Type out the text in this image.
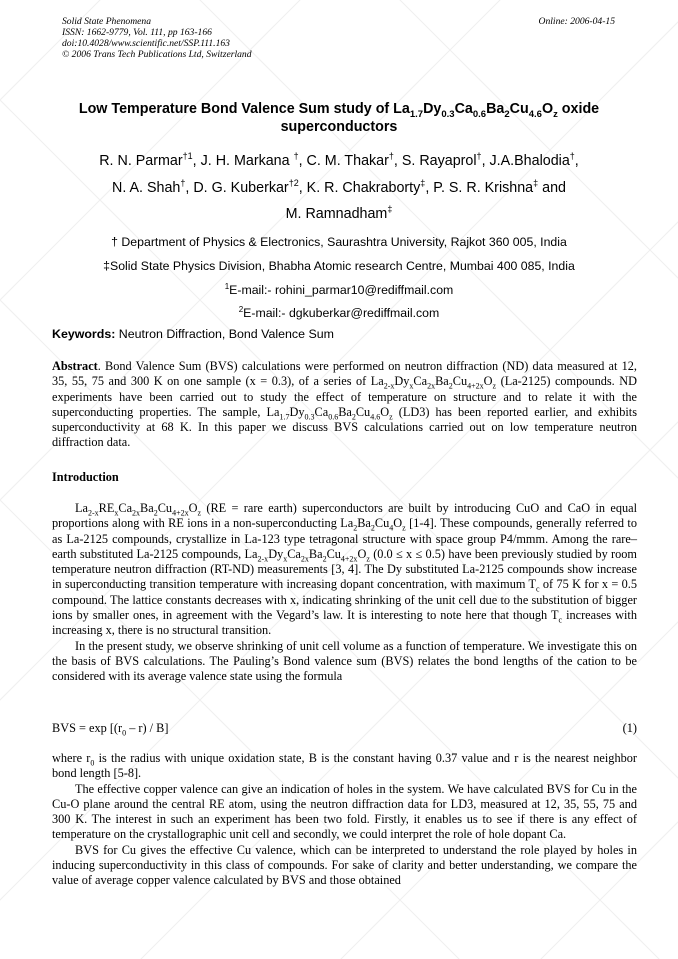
Solid State Phenomena
ISSN: 1662-9779, Vol. 111, pp 163-166
doi:10.4028/www.scientific.net/SSP.111.163
© 2006 Trans Tech Publications Ltd, Switzerland
Online: 2006-04-15
Low Temperature Bond Valence Sum study of $La_{1.7}Dy_{0.3}Ca_{0.6}Ba_2Cu_{4.6}O_z$ oxide superconductors
R. N. Parmar$^{\dagger 1}$, J. H. Markana †, C. M. Thakar†, S. Rayaprol†, J.A.Bhalodia†,
N. A. Shah†, D. G. Kuberkar$^{\dagger 2}$, K. R. Chakraborty‡, P. S. R. Krishna‡ and
M. Ramnadham‡
† Department of Physics & Electronics, Saurashtra University, Rajkot 360 005, India
‡Solid State Physics Division, Bhabha Atomic research Centre, Mumbai 400 085, India
$^1$E-mail:- rohini_parmar10@rediffmail.com
$^2$E-mail:- dgkuberkar@rediffmail.com
Keywords: Neutron Diffraction, Bond Valence Sum

Abstract. Bond Valence Sum (BVS) calculations were performed on neutron diffraction (ND) data measured at 12, 35, 55, 75 and 300 K on one sample (x = 0.3), of a series of $La_{2-x}Dy_xCa_{2x}Ba_2Cu_{4+2x}O_z$ (La-2125) compounds. ND experiments have been carried out to study the effect of temperature on structure and to relate it with the superconducting properties. The sample, $La_{1.7}Dy_{0.3}Ca_{0.6}Ba_2Cu_{4.6}O_z$ (LD3) has been reported earlier, and exhibits superconductivity at 68 K. In this paper we discuss BVS calculations carried out on low temperature neutron diffraction data.

Introduction

$La_{2-x}RE_xCa_{2x}Ba_2Cu_{4+2x}O_z$ (RE = rare earth) superconductors are built by introducing CuO and CaO in equal proportions along with RE ions in a non-superconducting $La_2Ba_2Cu_4O_z$ [1-4]. These compounds, generally referred to as La-2125 compounds, crystallize in La-123 type tetragonal structure with space group P4/mmm. Among the rare–earth substituted La-2125 compounds, $La_{2-x}Dy_xCa_{2x}Ba_2Cu_{4+2x}O_z$ (0.0 ≤ x ≤ 0.5) have been previously studied by room temperature neutron diffraction (RT-ND) measurements [3, 4]. The Dy substituted La-2125 compounds show increase in superconducting transition temperature with increasing dopant concentration, with maximum $T_c$ of 75 K for x = 0.5 compound. The lattice constants decreases with x, indicating shrinking of the unit cell due to the substitution of bigger ions by smaller ones, in agreement with the Vegard’s law. It is interesting to note here that though $T_c$ increases with increasing x, there is no structural transition.

In the present study, we observe shrinking of unit cell volume as a function of temperature. We investigate this on the basis of BVS calculations. The Pauling’s Bond valence sum (BVS) relates the bond lengths of the cation to be considered with its average valence state using the formula

BVS = $\exp [(r_0 - r) / B]$	(1)

where $r_0$ is the radius with unique oxidation state, B is the constant having 0.37 value and r is the nearest neighbor bond length [5-8].

The effective copper valence can give an indication of holes in the system. We have calculated BVS for Cu in the Cu-O plane around the central RE atom, using the neutron diffraction data for LD3, measured at 12, 35, 55, 75 and 300 K. The interest in such an experiment has been two fold. Firstly, it enables us to see if there is any effect of temperature on the crystallographic unit cell and secondly, we could interpret the role of hole dopant Ca.

BVS for Cu gives the effective Cu valence, which can be interpreted to understand the role played by holes in inducing superconductivity in this class of compounds. For sake of clarity and better understanding, we compare the value of average copper valence calculated by BVS and those obtained
